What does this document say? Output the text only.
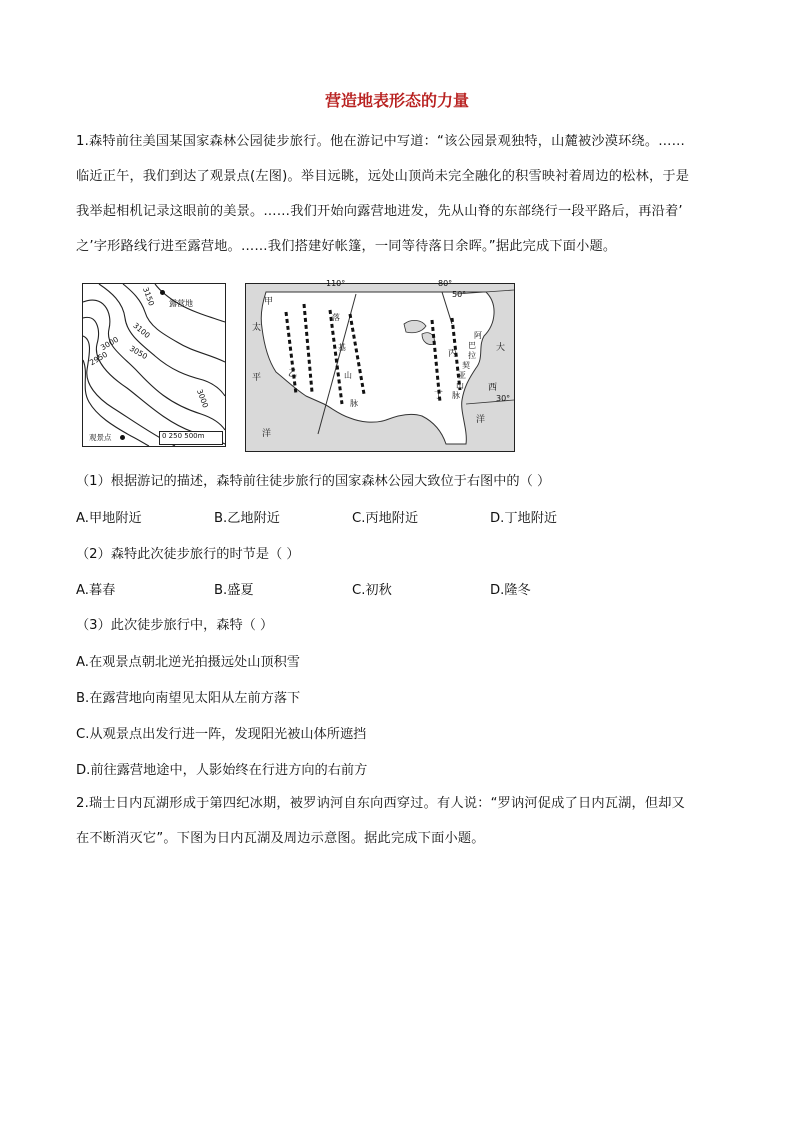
营造地表形态的力量
1.森特前往美国某国家森林公园徒步旅行。他在游记中写道：“该公园景观独特，山麓被沙漠环绕。……
临近正午，我们到达了观景点(左图)。举目远眺，远处山顶尚未完全融化的积雪映衬着周边的松林，于是
我举起相机记录这眼前的美景。……我们开始向露营地进发，先从山脊的东部绕行一段平路后，再沿着’
之’字形路线行进至露营地。……我们搭建好帐篷，一同等待落日余晖。”据此完成下面小题。
露营地
3150
3100
3050
3000
2950
3000
观景点	0 250 500m
110°	80°
50°
30°
甲
乙
丙
丁
太
平
洋
大
西
洋
落
基
山
脉
阿
巴
拉
契
亚
山
脉
（1）根据游记的描述，森特前往徒步旅行的国家森林公园大致位于右图中的（ ）
A.甲地附近	B.乙地附近	C.丙地附近	D.丁地附近
（2）森特此次徒步旅行的时节是（ ）
A.暮春	B.盛夏	C.初秋	D.隆冬
（3）此次徒步旅行中，森特（ ）
A.在观景点朝北逆光拍摄远处山顶积雪
B.在露营地向南望见太阳从左前方落下
C.从观景点出发行进一阵，发现阳光被山体所遮挡
D.前往露营地途中，人影始终在行进方向的右前方
2.瑞士日内瓦湖形成于第四纪冰期，被罗讷河自东向西穿过。有人说：“罗讷河促成了日内瓦湖，但却又
在不断消灭它”。下图为日内瓦湖及周边示意图。据此完成下面小题。
